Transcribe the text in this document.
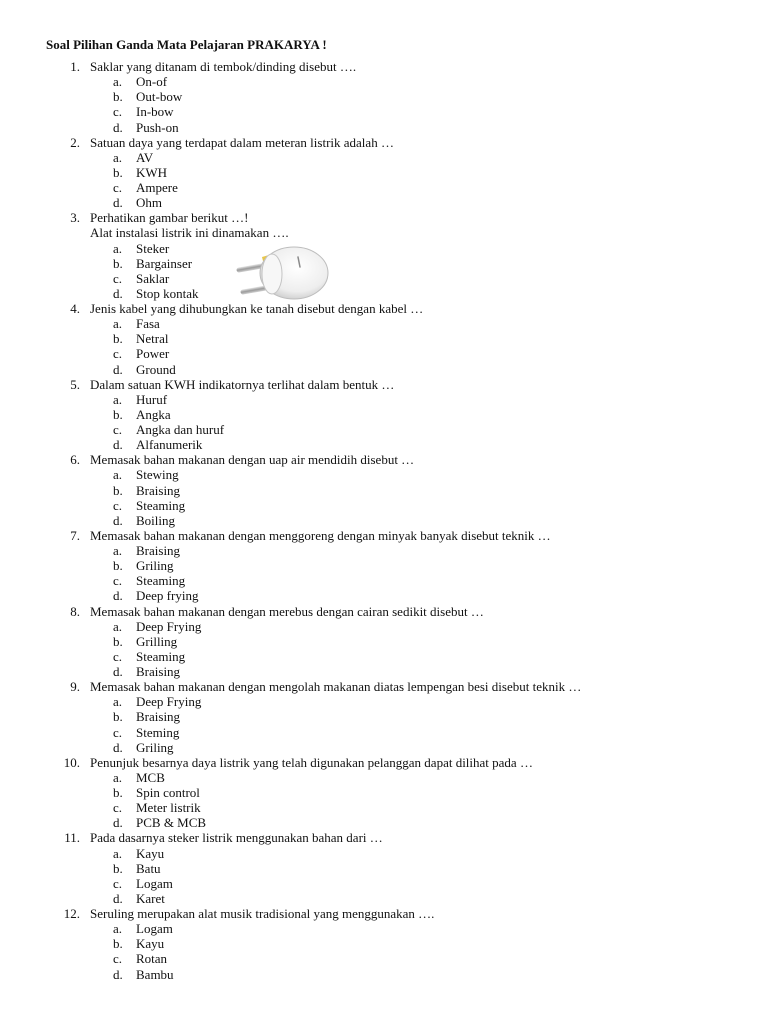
Soal Pilihan Ganda Mata Pelajaran PRAKARYA !
1. Saklar yang ditanam di tembok/dinding disebut ….
a. On-of
b. Out-bow
c. In-bow
d. Push-on
2. Satuan daya yang terdapat dalam meteran listrik adalah …
a. AV
b. KWH
c. Ampere
d. Ohm
3. Perhatikan gambar berikut …!
Alat instalasi listrik ini dinamakan ….
a. Steker
b. Bargainser
c. Saklar
d. Stop kontak
4. Jenis kabel yang dihubungkan ke tanah disebut dengan kabel …
a. Fasa
b. Netral
c. Power
d. Ground
5. Dalam satuan KWH indikatornya terlihat dalam bentuk …
a. Huruf
b. Angka
c. Angka dan huruf
d. Alfanumerik
6. Memasak bahan makanan dengan uap air mendidih disebut …
a. Stewing
b. Braising
c. Steaming
d. Boiling
7. Memasak bahan makanan dengan menggoreng dengan minyak banyak disebut teknik …
a. Braising
b. Griling
c. Steaming
d. Deep frying
8. Memasak bahan makanan dengan merebus dengan cairan sedikit disebut …
a. Deep Frying
b. Grilling
c. Steaming
d. Braising
9. Memasak bahan makanan dengan mengolah makanan diatas lempengan besi disebut teknik …
a. Deep Frying
b. Braising
c. Steming
d. Griling
10. Penunjuk besarnya daya listrik yang telah digunakan pelanggan dapat dilihat pada …
a. MCB
b. Spin control
c. Meter listrik
d. PCB & MCB
11. Pada dasarnya steker listrik menggunakan bahan dari …
a. Kayu
b. Batu
c. Logam
d. Karet
12. Seruling merupakan alat musik tradisional yang menggunakan ….
a. Logam
b. Kayu
c. Rotan
d. Bambu
